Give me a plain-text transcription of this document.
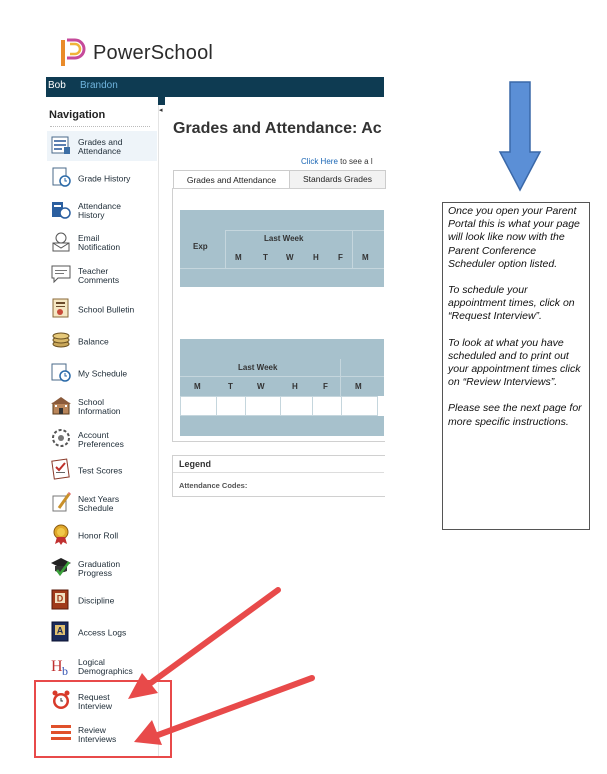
PowerSchool
Bob Brandon
◂
Navigation
Grades and
Attendance
Grade History
Attendance
History
Email
Notification
Teacher
Comments
School Bulletin
Balance
My Schedule
School
Information
Account
Preferences
Test Scores
Next Years
Schedule
Honor Roll
Graduation
Progress
D Discipline
A Access Logs
H b
Logical
Demographics
Request
Interview
Review
Interviews
Grades and Attendance: Ac
Click Here to see a l
Grades and Attendance	Standards Grades
Exp
Last Week
M	T W H F M
Last Week
M	T	W	H	F	M
Legend
Attendance Codes:

Once you open your Parent Portal this is what your page will look like now with the Parent Conference Scheduler option listed.

To schedule your appointment times, click on “Request Interview”.

To look at what you have scheduled and to print out your appointment times click on “Review Interviews”.

Please see the next page for more specific instructions.
